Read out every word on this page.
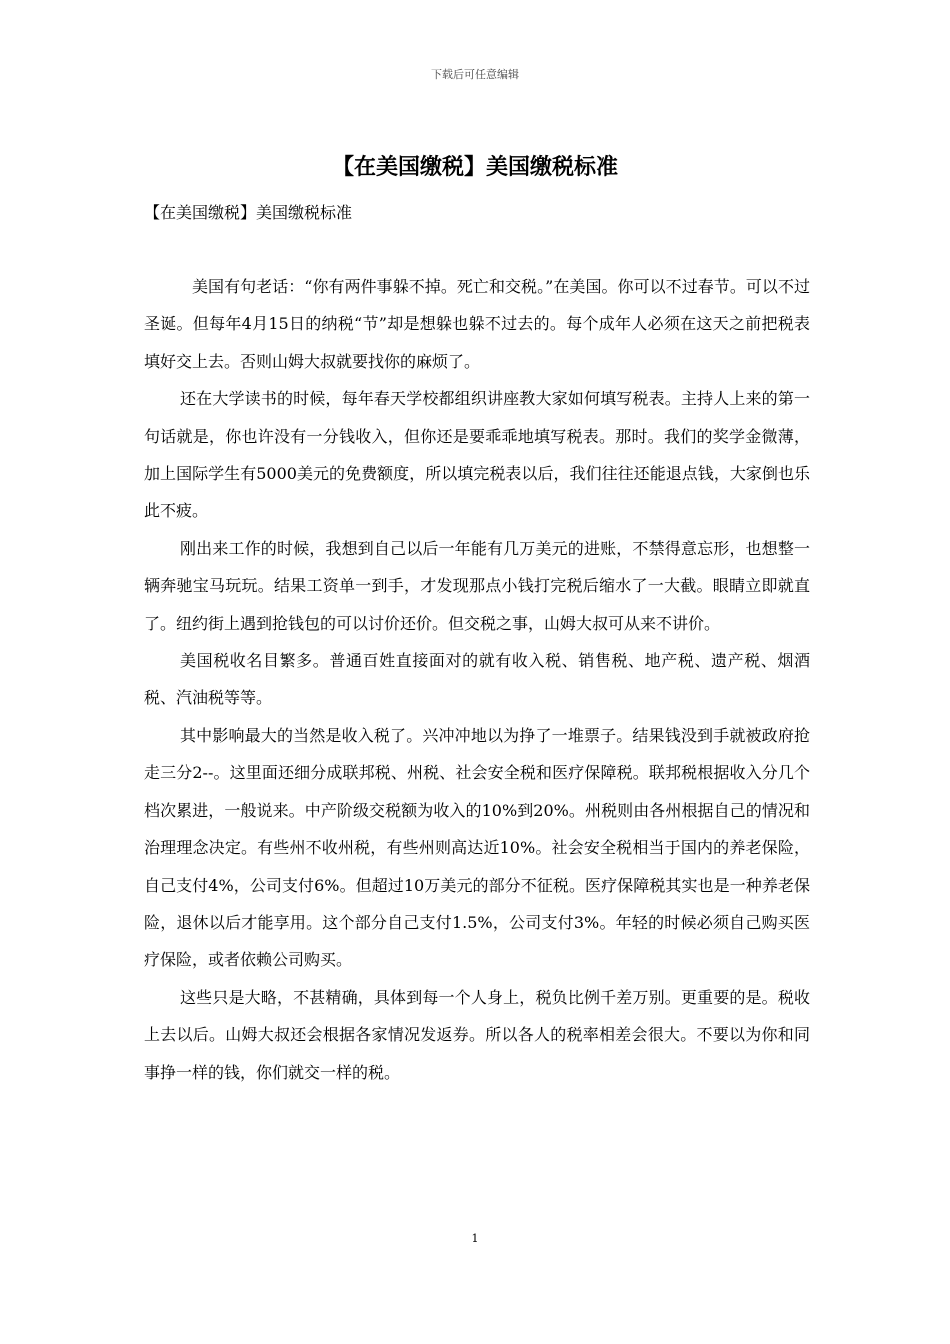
下载后可任意编辑
【在美国缴税】美国缴税标准
【在美国缴税】美国缴税标准

美国有句老话：“你有两件事躲不掉。死亡和交税。”在美国。你可以不过春节。可以不过圣诞。但每年4月15日的纳税“节”却是想躲也躲不过去的。每个成年人必须在这天之前把税表填好交上去。否则山姆大叔就要找你的麻烦了。

还在大学读书的时候，每年春天学校都组织讲座教大家如何填写税表。主持人上来的第一句话就是，你也许没有一分钱收入，但你还是要乖乖地填写税表。那时。我们的奖学金微薄，加上国际学生有5000美元的免费额度，所以填完税表以后，我们往往还能退点钱，大家倒也乐此不疲。

刚出来工作的时候，我想到自己以后一年能有几万美元的进账，不禁得意忘形，也想整一辆奔驰宝马玩玩。结果工资单一到手，才发现那点小钱打完税后缩水了一大截。眼睛立即就直了。纽约街上遇到抢钱包的可以讨价还价。但交税之事，山姆大叔可从来不讲价。

美国税收名目繁多。普通百姓直接面对的就有收入税、销售税、地产税、遗产税、烟酒税、汽油税等等。

其中影响最大的当然是收入税了。兴冲冲地以为挣了一堆票子。结果钱没到手就被政府抢走三分2--。这里面还细分成联邦税、州税、社会安全税和医疗保障税。联邦税根据收入分几个档次累进，一般说来。中产阶级交税额为收入的10%到20%。州税则由各州根据自己的情况和治理理念决定。有些州不收州税，有些州则高达近10%。社会安全税相当于国内的养老保险，自己支付4%，公司支付6%。但超过10万美元的部分不征税。医疗保障税其实也是一种养老保险，退休以后才能享用。这个部分自己支付1.5%，公司支付3%。年轻的时候必须自己购买医疗保险，或者依赖公司购买。

这些只是大略，不甚精确，具体到每一个人身上，税负比例千差万别。更重要的是。税收上去以后。山姆大叔还会根据各家情况发返券。所以各人的税率相差会很大。不要以为你和同事挣一样的钱，你们就交一样的税。

1
